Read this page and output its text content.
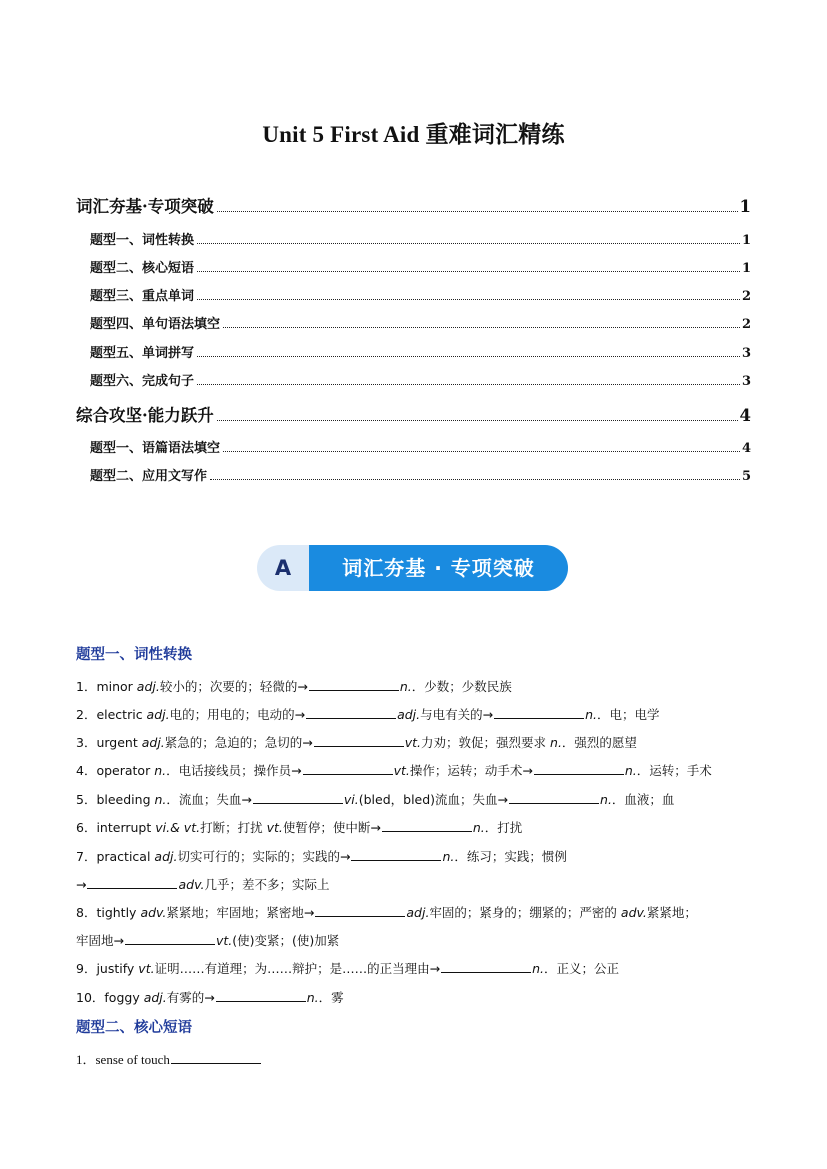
Unit 5 First Aid 重难词汇精练
词汇夯基·专项突破	1
题型一、词性转换	1
题型二、核心短语	1
题型三、重点单词	2
题型四、单句语法填空	2
题型五、单词拼写	3
题型六、完成句子	3
综合攻坚·能力跃升	4
题型一、语篇语法填空	4
题型二、应用文写作	5
A	词汇夯基 · 专项突破
题型一、词性转换
1．minor adj.较小的；次要的；轻微的→	n.．少数；少数民族
2．electric adj.电的；用电的；电动的→	adj.与电有关的→	n.．电；电学
3．urgent adj.紧急的；急迫的；急切的→	vt.力劝；敦促；强烈要求 n.．强烈的愿望
4．operator n.．电话接线员；操作员→	vt.操作；运转；动手术→	n.．运转；手术
5．bleeding n.．流血；失血→	vi.(bled，bled)流血；失血→	n.．血液；血
6．interrupt vi.& vt.打断；打扰 vt.使暂停；使中断→	n.．打扰
7．practical adj.切实可行的；实际的；实践的→	n.．练习；实践；惯例
→	adv.几乎；差不多；实际上
8．tightly adv.紧紧地；牢固地；紧密地→	adj.牢固的；紧身的；绷紧的；严密的 adv.紧紧地；
牢固地→	vt.(使)变紧；(使)加紧
9．justify vt.证明……有道理；为……辩护；是……的正当理由→	n.．正义；公正
10．foggy adj.有雾的→	n.．雾
题型二、核心短语
1．sense of touch
